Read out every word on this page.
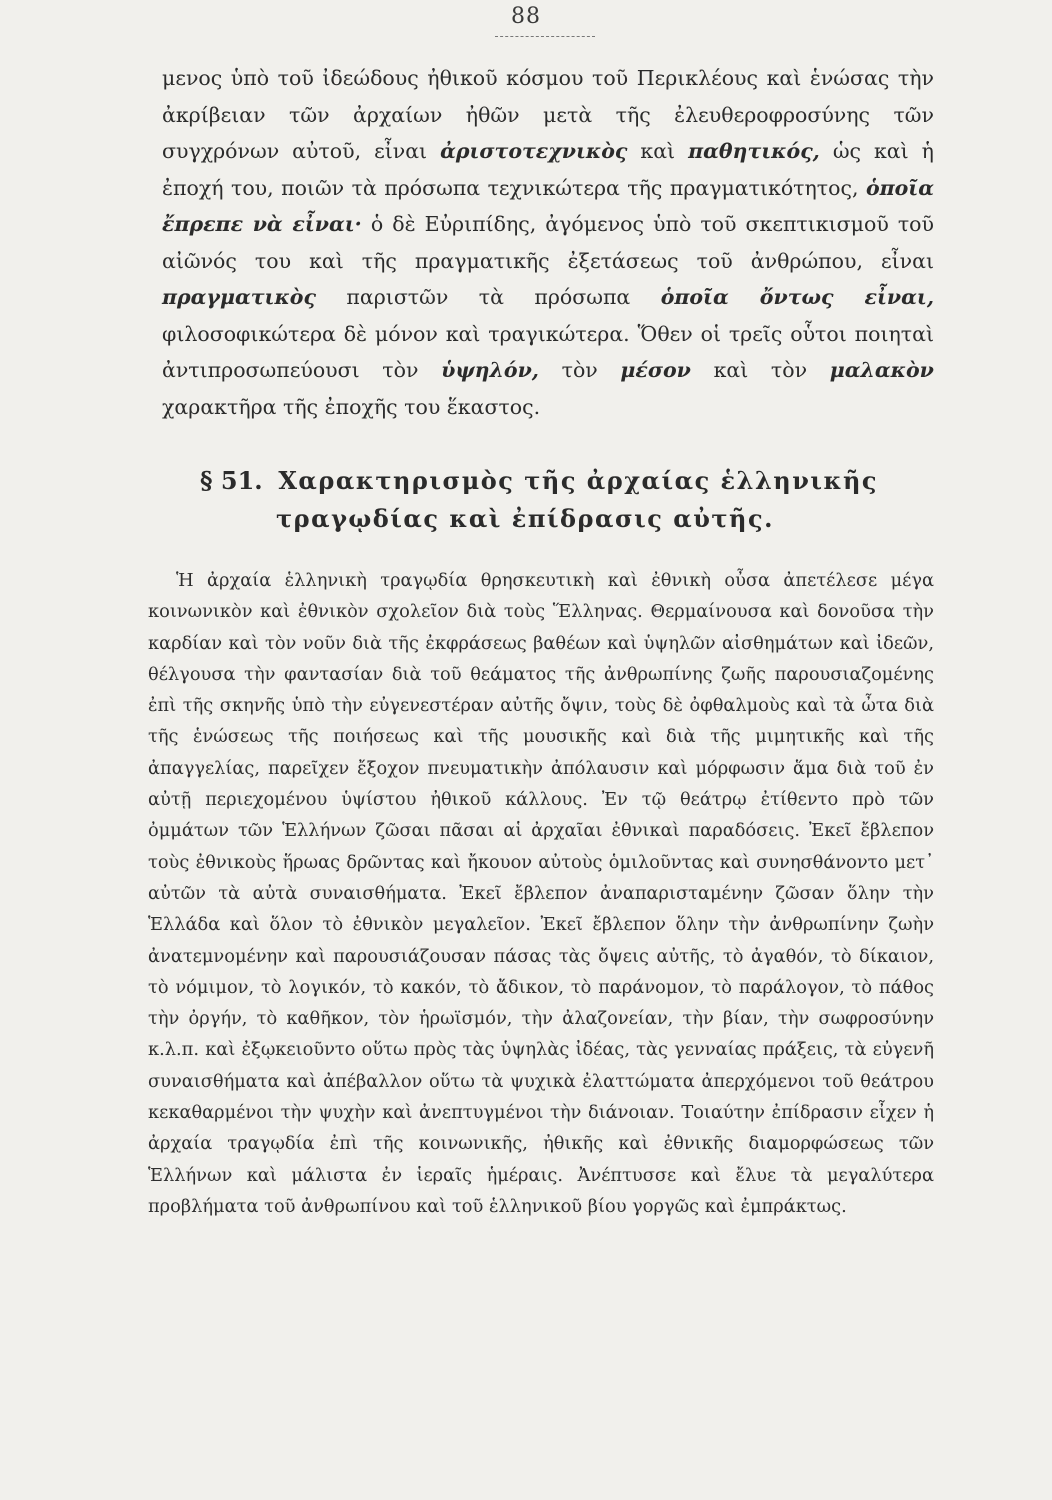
88

μενος ὑπὸ τοῦ ἰδεώδους ἠθικοῦ κόσμου τοῦ Περικλέους καὶ ἑνώσας τὴν ἀκρίβειαν τῶν ἀρχαίων ἠθῶν μετὰ τῆς ἐλευθεροφροσύνης τῶν συγχρόνων αὐτοῦ, εἶναι ἀριστοτεχνικὸς καὶ παθητικός, ὡς καὶ ἡ ἐποχή του, ποιῶν τὰ πρόσωπα τεχνικώτερα τῆς πραγματικότητος, ὁποῖα ἔπρεπε νὰ εἶναι· ὁ δὲ Εὐριπίδης, ἀγόμενος ὑπὸ τοῦ σκεπτικισμοῦ τοῦ αἰῶνός του καὶ τῆς πραγματικῆς ἐξετάσεως τοῦ ἀνθρώπου, εἶναι πραγματικὸς παριστῶν τὰ πρόσωπα ὁποῖα ὄντως εἶναι, φιλοσοφικώτερα δὲ μόνον καὶ τραγικώτερα. Ὅθεν οἱ τρεῖς οὗτοι ποιηταὶ ἀντιπροσωπεύουσι τὸν ὑψηλόν, τὸν μέσον καὶ τὸν μαλακὸν χαρακτῆρα τῆς ἐποχῆς του ἕκαστος.

§ 51. Χαρακτηρισμὸς τῆς ἀρχαίας ἑλληνικῆς
τραγῳδίας καὶ ἐπίδρασις αὐτῆς.

Ἡ ἀρχαία ἑλληνικὴ τραγῳδία θρησκευτικὴ καὶ ἐθνικὴ οὖσα ἀπετέλεσε μέγα κοινωνικὸν καὶ ἐθνικὸν σχολεῖον διὰ τοὺς Ἕλληνας. Θερμαίνουσα καὶ δονοῦσα τὴν καρδίαν καὶ τὸν νοῦν διὰ τῆς ἐκφράσεως βαθέων καὶ ὑψηλῶν αἰσθημάτων καὶ ἰδεῶν, θέλγουσα τὴν φαντασίαν διὰ τοῦ θεάματος τῆς ἀνθρωπίνης ζωῆς παρουσιαζομένης ἐπὶ τῆς σκηνῆς ὑπὸ τὴν εὐγενεστέραν αὐτῆς ὄψιν, τοὺς δὲ ὀφθαλμοὺς καὶ τὰ ὦτα διὰ τῆς ἑνώσεως τῆς ποιήσεως καὶ τῆς μουσικῆς καὶ διὰ τῆς μιμητικῆς καὶ τῆς ἀπαγγελίας, παρεῖχεν ἔξοχον πνευματικὴν ἀπόλαυσιν καὶ μόρφωσιν ἅμα διὰ τοῦ ἐν αὐτῇ περιεχομένου ὑψίστου ἠθικοῦ κάλλους. Ἐν τῷ θεάτρῳ ἐτίθεντο πρὸ τῶν ὀμμάτων τῶν Ἑλλήνων ζῶσαι πᾶσαι αἱ ἀρχαῖαι ἐθνικαὶ παραδόσεις. Ἐκεῖ ἔβλεπον τοὺς ἐθνικοὺς ἥρωας δρῶντας καὶ ἤκουον αὐτοὺς ὁμιλοῦντας καὶ συνησθάνοντο μετ᾽ αὐτῶν τὰ αὐτὰ συναισθήματα. Ἐκεῖ ἔβλεπον ἀναπαρισταμένην ζῶσαν ὅλην τὴν Ἑλλάδα καὶ ὅλον τὸ ἐθνικὸν μεγαλεῖον. Ἐκεῖ ἔβλεπον ὅλην τὴν ἀνθρωπίνην ζωὴν ἀνατεμνομένην καὶ παρουσιάζουσαν πάσας τὰς ὄψεις αὐτῆς, τὸ ἀγαθόν, τὸ δίκαιον, τὸ νόμιμον, τὸ λογικόν, τὸ κακόν, τὸ ἄδικον, τὸ παράνομον, τὸ παράλογον, τὸ πάθος τὴν ὀργήν, τὸ καθῆκον, τὸν ἡρωϊσμόν, τὴν ἀλαζονείαν, τὴν βίαν, τὴν σωφροσύνην κ.λ.π. καὶ ἐξῳκειοῦντο οὕτω πρὸς τὰς ὑψηλὰς ἰδέας, τὰς γενναίας πράξεις, τὰ εὐγενῆ συναισθήματα καὶ ἀπέβαλλον οὕτω τὰ ψυχικὰ ἐλαττώματα ἀπερχόμενοι τοῦ θεάτρου κεκαθαρμένοι τὴν ψυχὴν καὶ ἀνεπτυγμένοι τὴν διάνοιαν. Τοιαύτην ἐπίδρασιν εἶχεν ἡ ἀρχαία τραγῳδία ἐπὶ τῆς κοινωνικῆς, ἠθικῆς καὶ ἐθνικῆς διαμορφώσεως τῶν Ἑλλήνων καὶ μάλιστα ἐν ἱεραῖς ἡμέραις. Ἀνέπτυσσε καὶ ἔλυε τὰ μεγαλύτερα προβλήματα τοῦ ἀνθρωπίνου καὶ τοῦ ἑλληνικοῦ βίου γοργῶς καὶ ἐμπράκτως.
